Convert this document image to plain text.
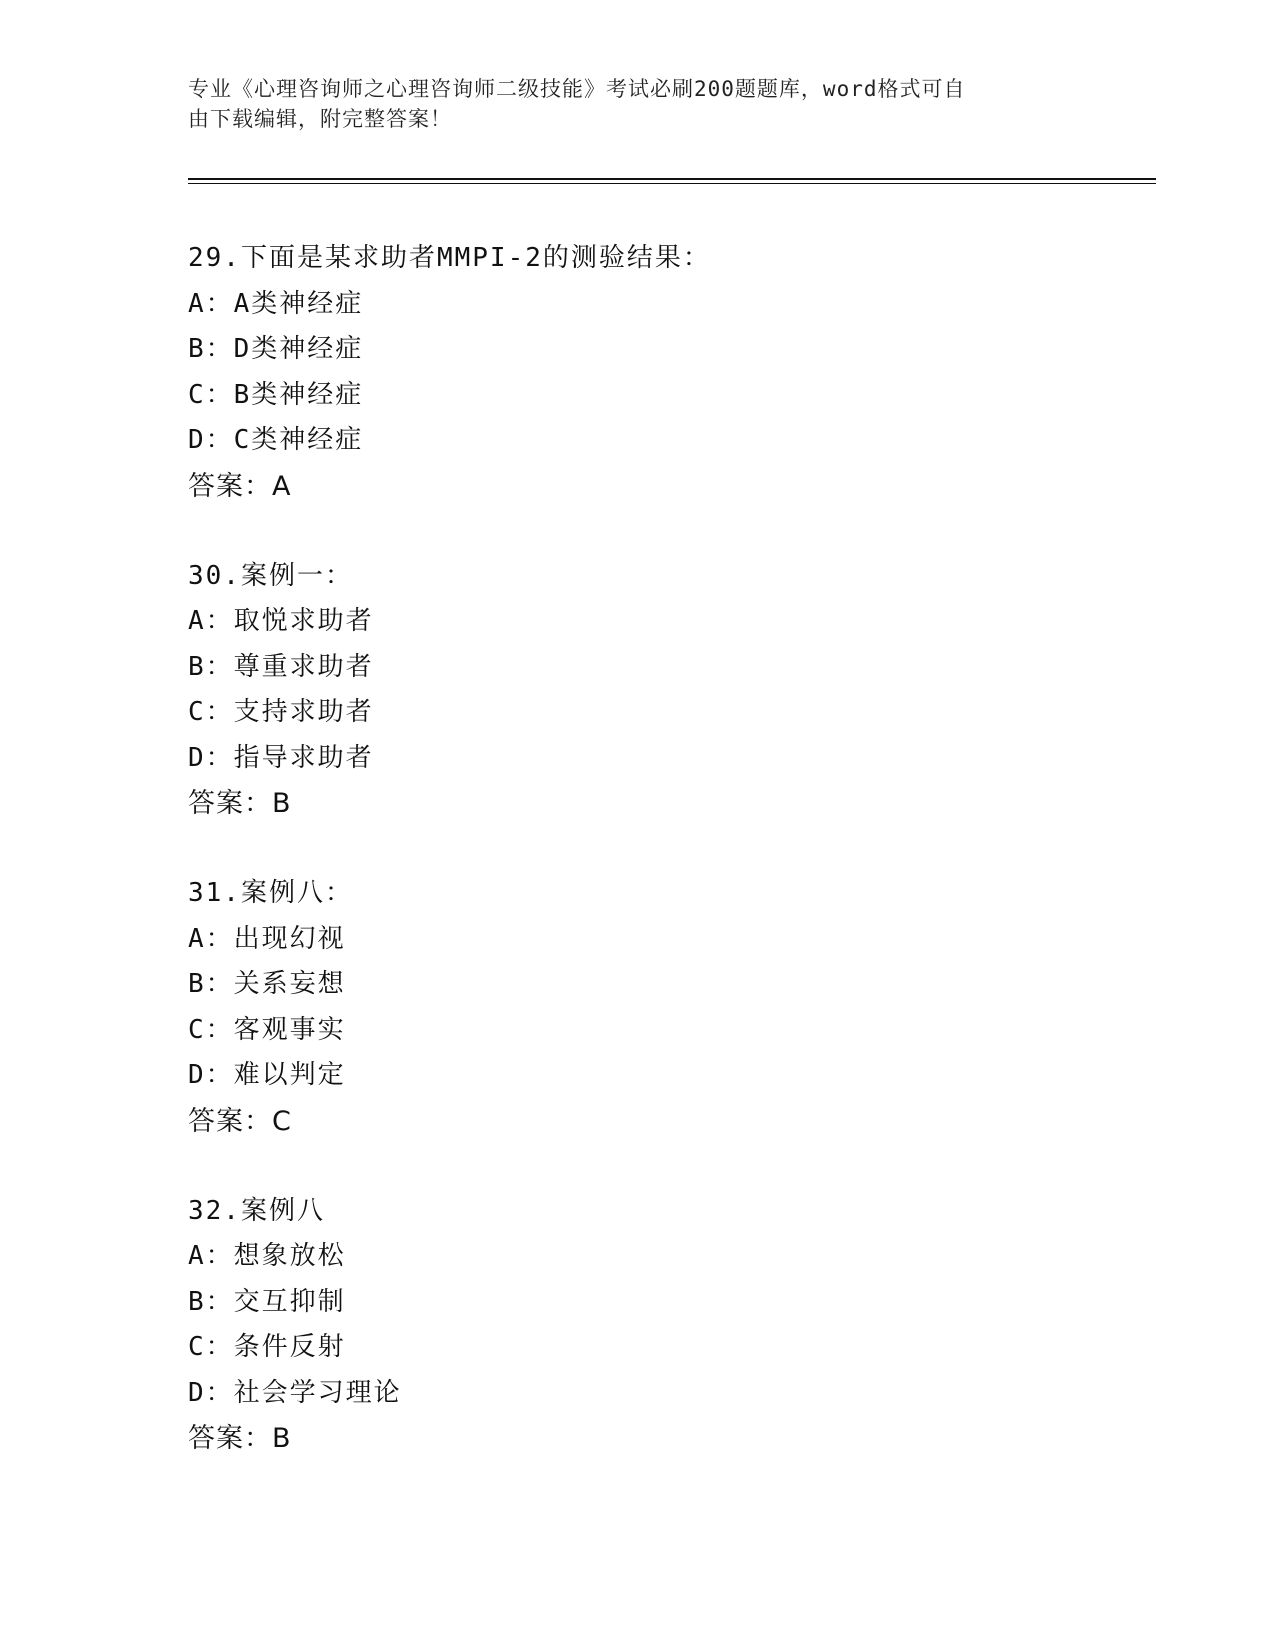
专业《心理咨询师之心理咨询师二级技能》考试必刷200题题库，word格式可自
由下载编辑，附完整答案！
29.下面是某求助者MMPI-2的测验结果：
A：A类神经症
B：D类神经症
C：B类神经症
D：C类神经症
答案：A
30.案例一：
A：取悦求助者
B：尊重求助者
C：支持求助者
D：指导求助者
答案：B
31.案例八：
A：出现幻视
B：关系妄想
C：客观事实
D：难以判定
答案：C
32.案例八
A：想象放松
B：交互抑制
C：条件反射
D：社会学习理论
答案：B
